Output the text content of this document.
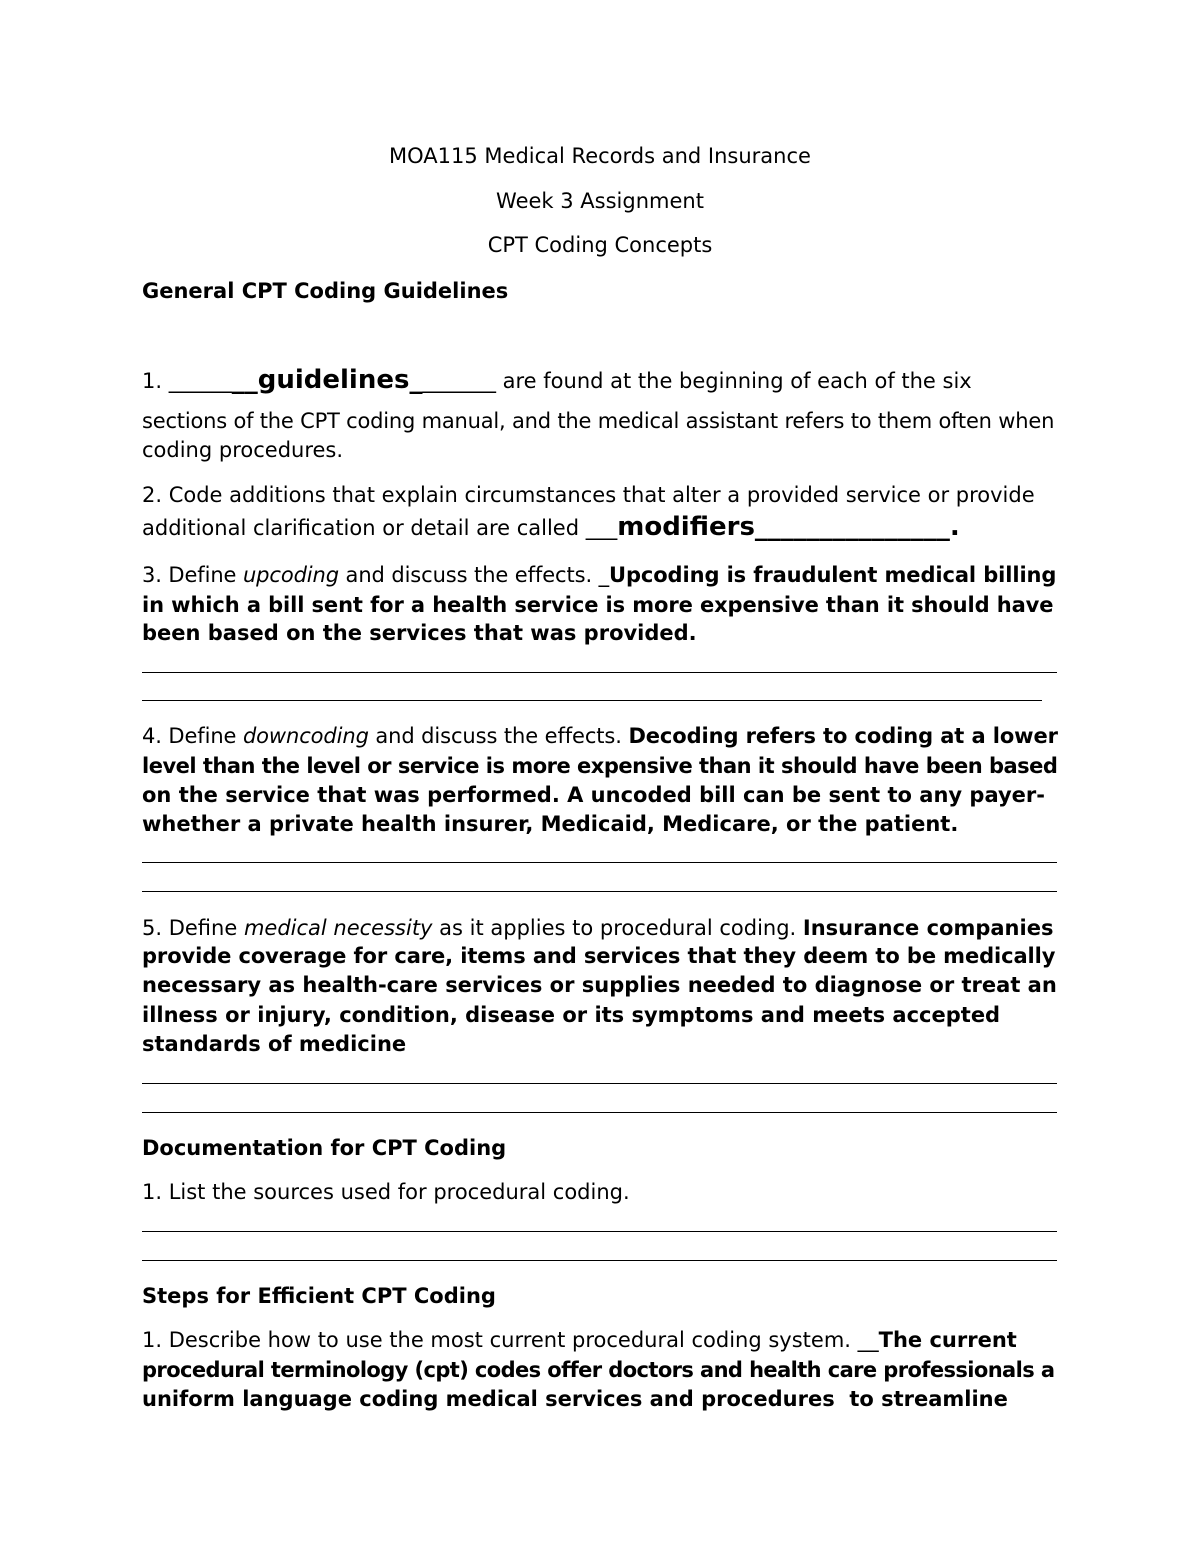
MOA115 Medical Records and Insurance
Week 3 Assignment
CPT Coding Concepts
General CPT Coding Guidelines
1. ________guidelines________ are found at the beginning of each of the six
sections of the CPT coding manual, and the medical assistant refers to them often when
coding procedures.
2. Code additions that explain circumstances that alter a provided service or provide
additional clarification or detail are called ___modifiers_______________.
3. Define upcoding and discuss the effects. _Upcoding is fraudulent medical billing
in which a bill sent for a health service is more expensive than it should have
been based on the services that was provided.
4. Define downcoding and discuss the effects. Decoding refers to coding at a lower
level than the level or service is more expensive than it should have been based
on the service that was performed. A uncoded bill can be sent to any payer-
whether a private health insurer, Medicaid, Medicare, or the patient.
5. Define medical necessity as it applies to procedural coding. Insurance companies
provide coverage for care, items and services that they deem to be medically
necessary as health-care services or supplies needed to diagnose or treat an
illness or injury, condition, disease or its symptoms and meets accepted
standards of medicine
Documentation for CPT Coding
1. List the sources used for procedural coding.
Steps for Efficient CPT Coding
1. Describe how to use the most current procedural coding system. __The current
procedural terminology (cpt) codes offer doctors and health care professionals a
uniform language coding medical services and procedures  to streamline
